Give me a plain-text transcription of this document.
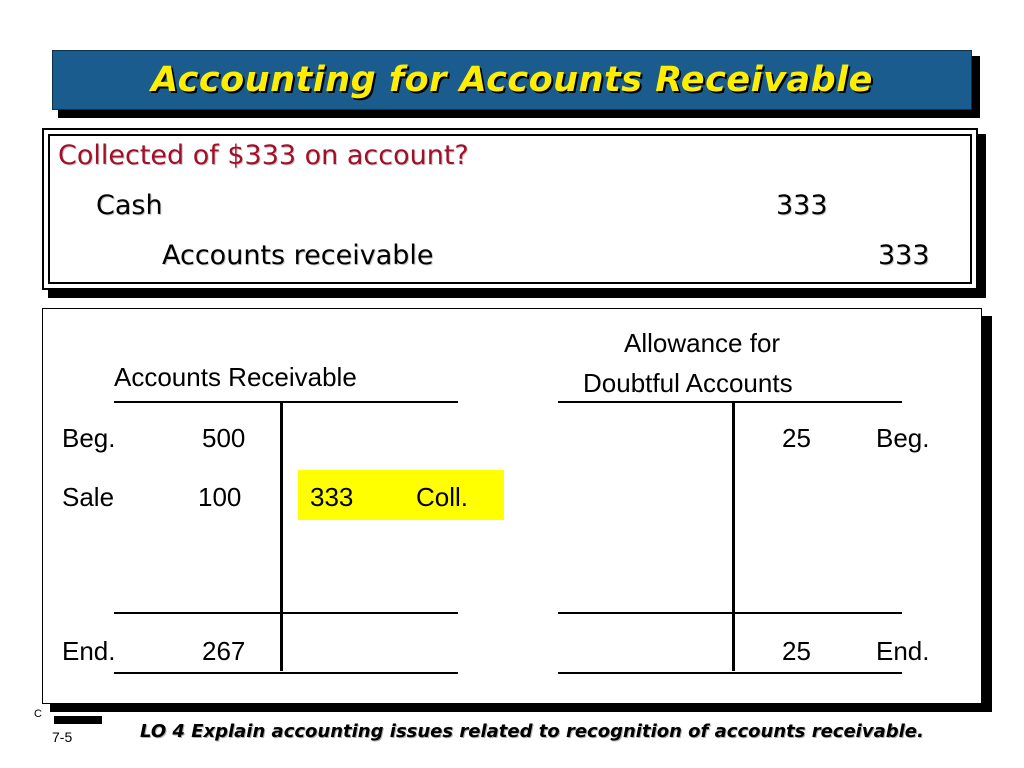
Accounting for Accounts Receivable
Collected of $333 on account?
Cash	333
Accounts receivable	333
Accounts Receivable
Beg.	500
Sale	100	333 Coll.
End.	267
Allowance for
Doubtful Accounts
25	Beg.
25	End.
C
7-5	LO 4 Explain accounting issues related to recognition of accounts receivable.
